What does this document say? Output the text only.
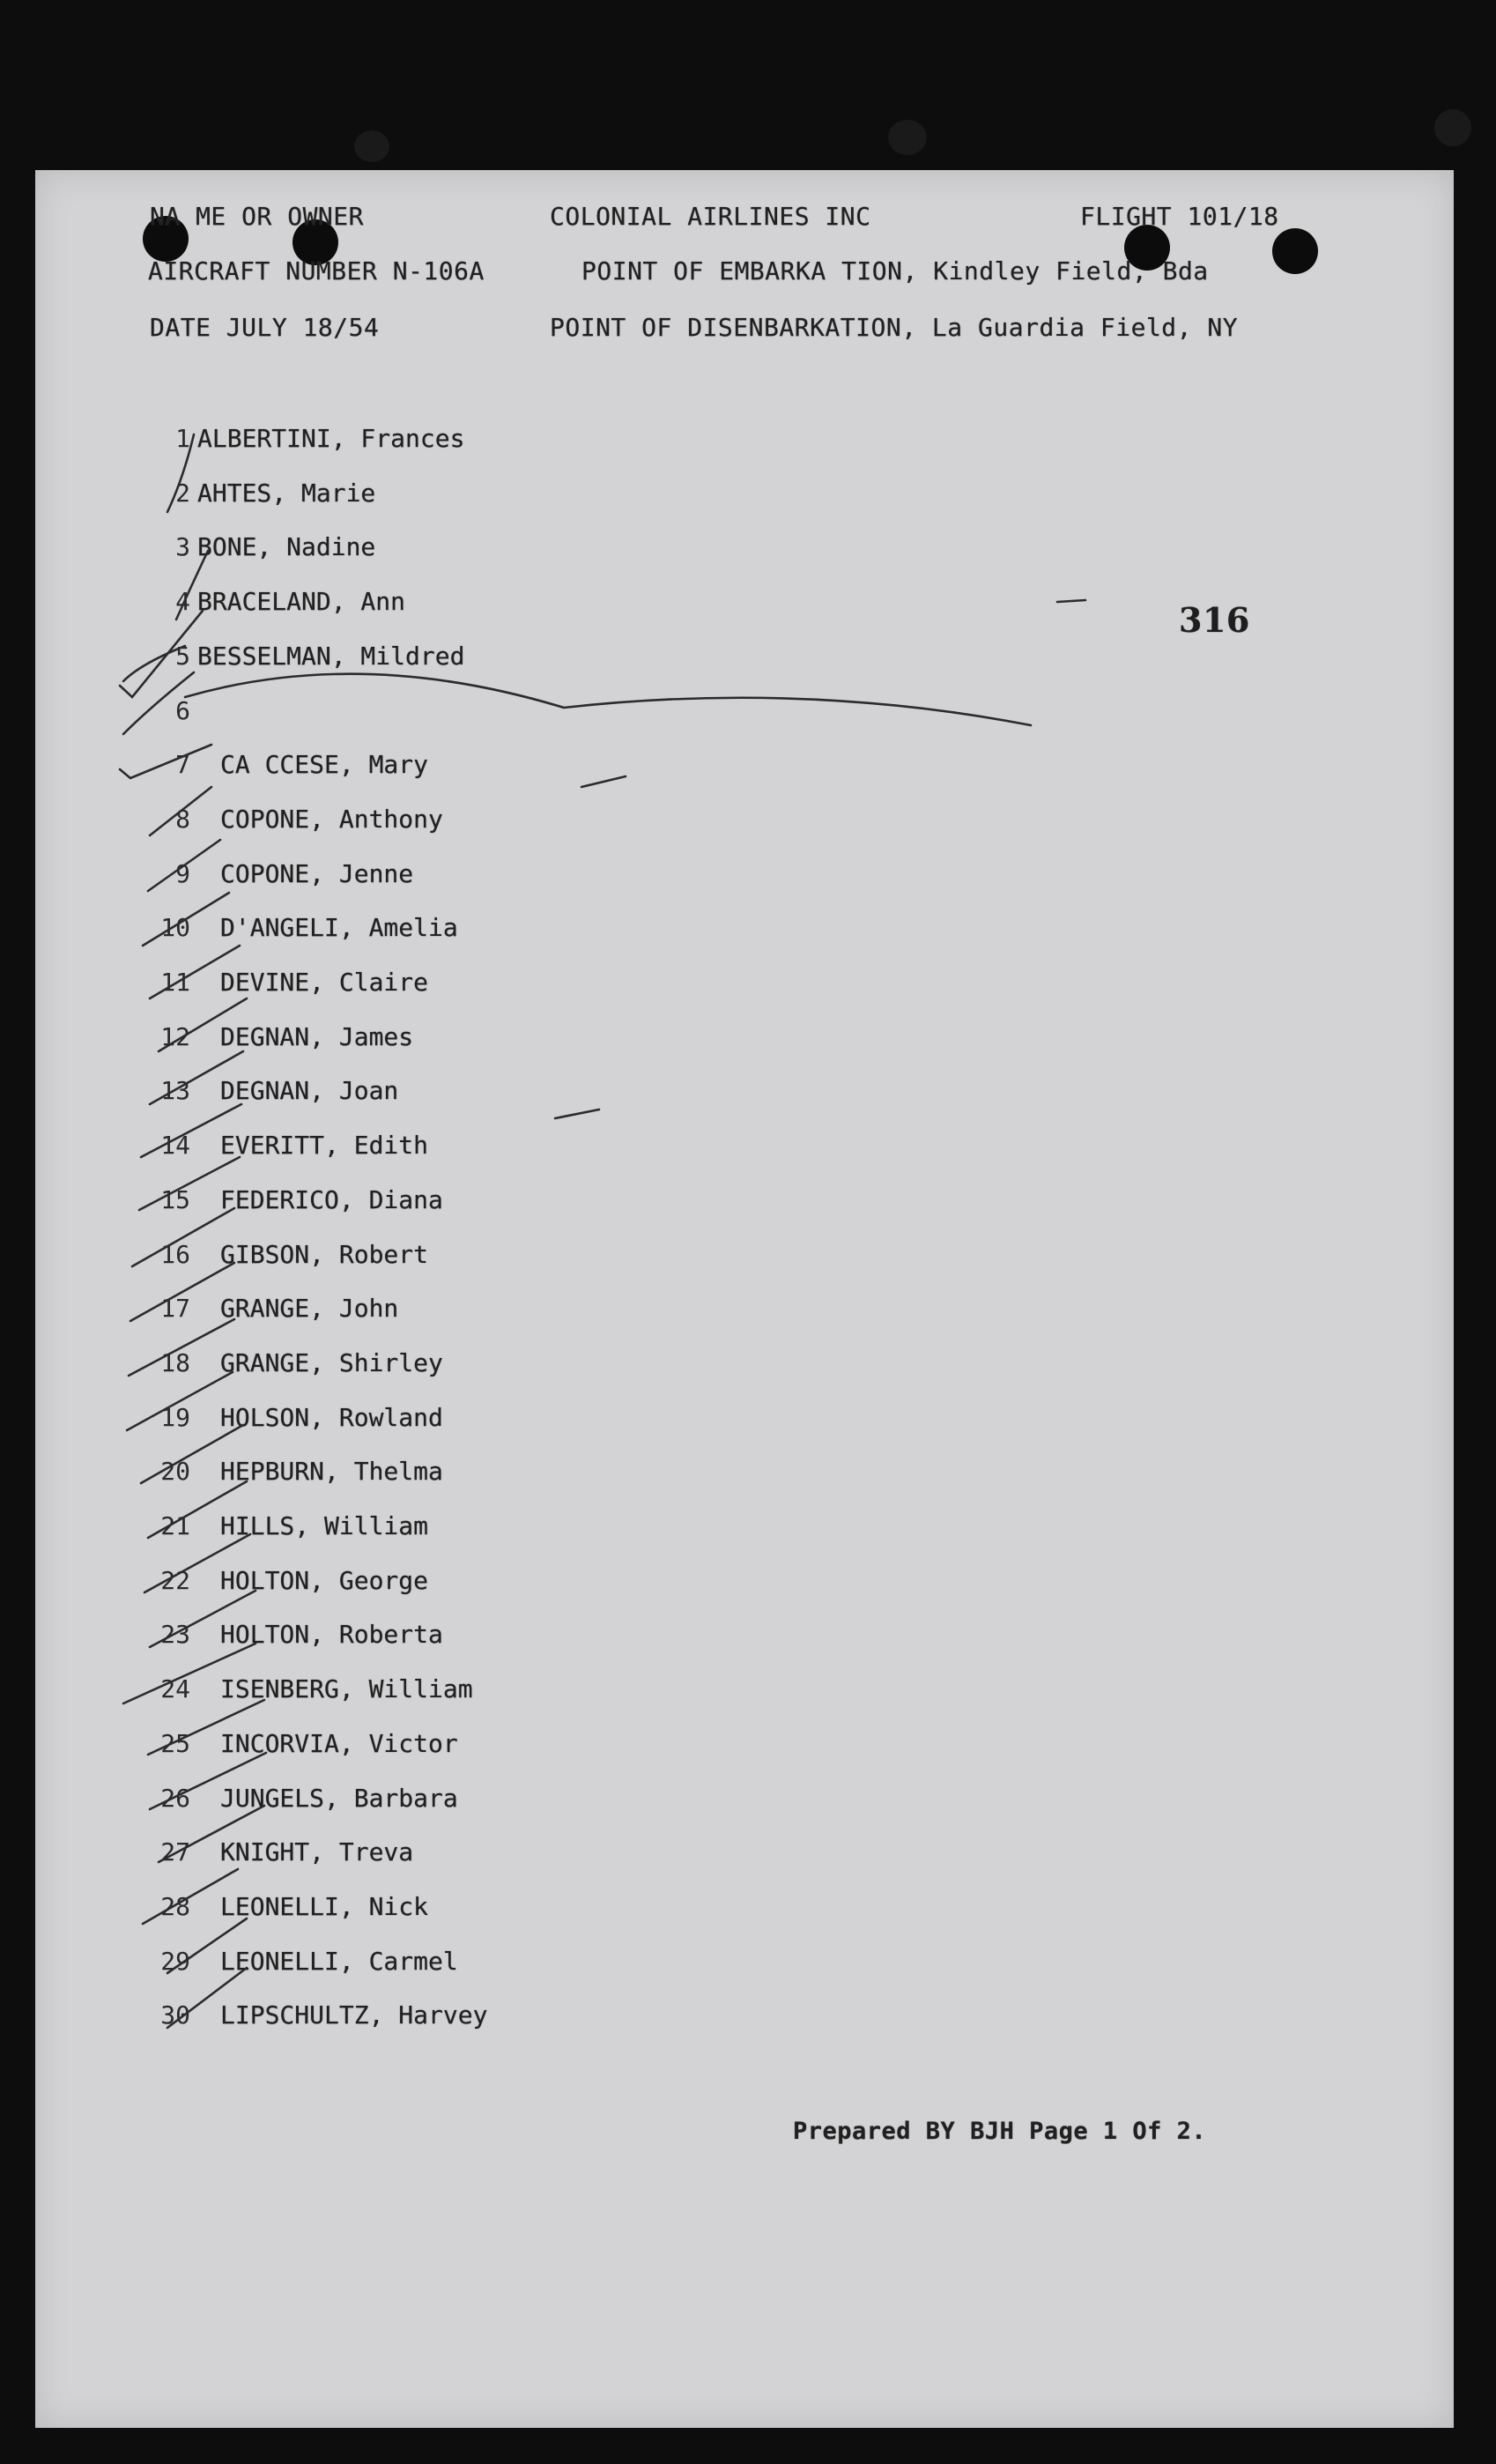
NA ME OR OWNER	COLONIAL AIRLINES INC	FLIGHT 101/18
AIRCRAFT NUMBER N-106A	POINT OF EMBARKA TION, Kindley Field, Bda
DATE JULY 18/54	POINT OF DISENBARKATION, La Guardia Field, NY
316
1 ALBERTINI, Frances
2 AHTES, Marie
3 BONE, Nadine
4 BRACELAND, Ann
5 BESSELMAN, Mildred
6
7 CA CCESE, Mary
8 COPONE, Anthony
9 COPONE, Jenne
10 D'ANGELI, Amelia
11 DEVINE, Claire
12 DEGNAN, James
13 DEGNAN, Joan
14 EVERITT, Edith
15 FEDERICO, Diana
16 GIBSON, Robert
17 GRANGE, John
18 GRANGE, Shirley
19 HOLSON, Rowland
20 HEPBURN, Thelma
21 HILLS, William
22 HOLTON, George
23 HOLTON, Roberta
24 ISENBERG, William
25 INCORVIA, Victor
26 JUNGELS, Barbara
27 KNIGHT, Treva
28 LEONELLI, Nick
29 LEONELLI, Carmel
30 LIPSCHULTZ, Harvey
Prepared BY BJH Page 1 Of 2.
